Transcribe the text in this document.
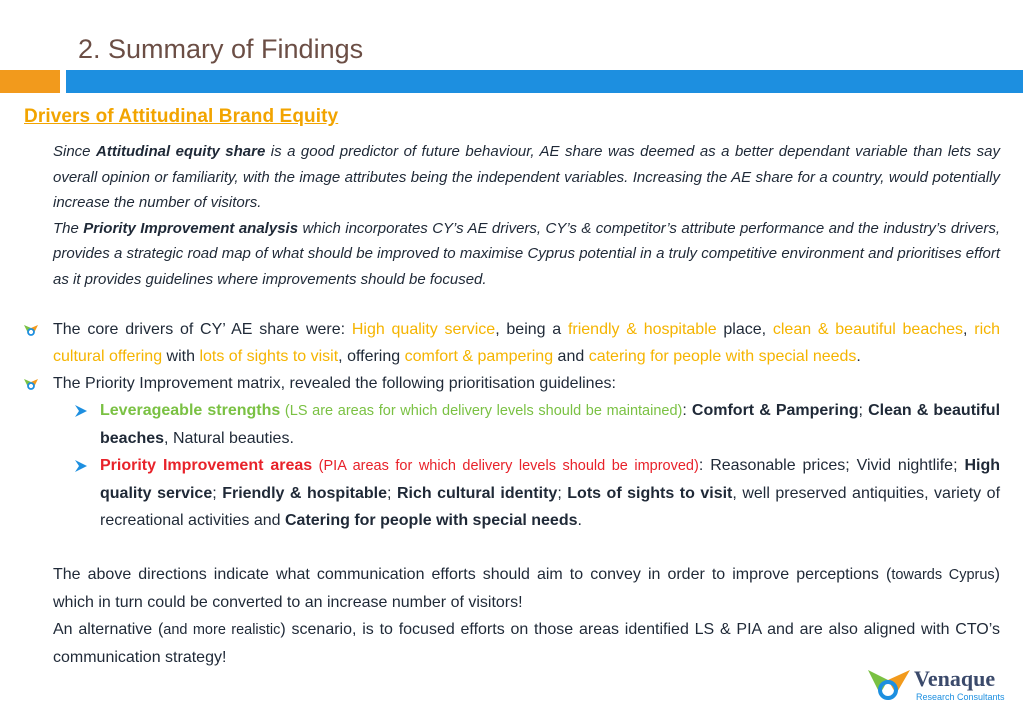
2. Summary of Findings
Drivers of Attitudinal Brand Equity

Since Attitudinal equity share is a good predictor of future behaviour, AE share was deemed as a better dependant variable than lets say overall opinion or familiarity, with the image attributes being the independent variables. Increasing the AE share for a country, would potentially increase the number of visitors.

The Priority Improvement analysis which incorporates CY’s AE drivers, CY’s & competitor’s attribute performance and the industry’s drivers, provides a strategic road map of what should be improved to maximise Cyprus potential in a truly competitive environment and prioritises effort as it provides guidelines where improvements should be focused.

The core drivers of CY’ AE share were: High quality service, being a friendly & hospitable place, clean & beautiful beaches, rich cultural offering with lots of sights to visit, offering comfort & pampering and catering for people with special needs.

The Priority Improvement matrix, revealed the following prioritisation guidelines:

Leverageable strengths (LS are areas for which delivery levels should be maintained): Comfort & Pampering; Clean & beautiful beaches, Natural beauties.

Priority Improvement areas (PIA areas for which delivery levels should be improved): Reasonable prices; Vivid nightlife; High quality service; Friendly & hospitable; Rich cultural identity; Lots of sights to visit, well preserved antiquities, variety of recreational activities and Catering for people with special needs.

The above directions indicate what communication efforts should aim to convey in order to improve perceptions (towards Cyprus) which in turn could be converted to an increase number of visitors!

An alternative (and more realistic) scenario, is to focused efforts on those areas identified LS & PIA and are also aligned with CTO’s communication strategy!

Venaque
Research Consultants
